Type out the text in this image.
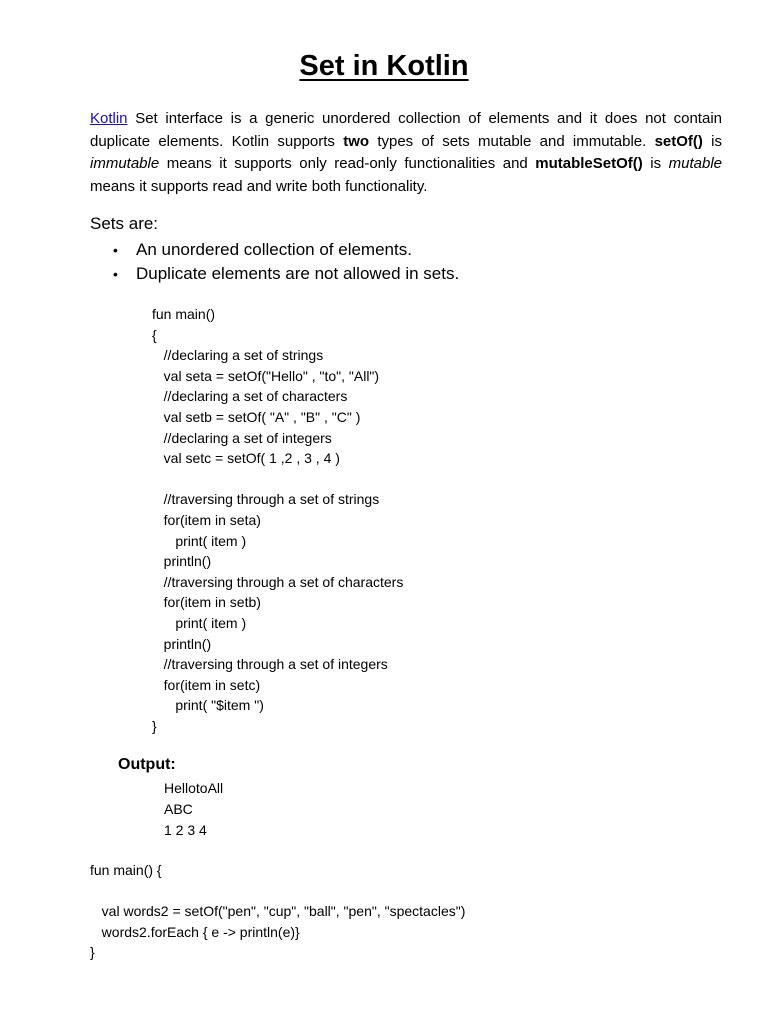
Set in Kotlin
Kotlin Set interface is a generic unordered collection of elements and it does not contain duplicate elements. Kotlin supports two types of sets mutable and immutable. setOf() is immutable means it supports only read-only functionalities and mutableSetOf() is mutable means it supports read and write both functionality.
Sets are:
• An unordered collection of elements.
• Duplicate elements are not allowed in sets.
fun main()
{
//declaring a set of strings
val seta = setOf("Hello" , "to", "All")
//declaring a set of characters
val setb = setOf( "A" , "B" , "C" )
//declaring a set of integers
val setc = setOf( 1 ,2 , 3 , 4 )
//traversing through a set of strings
for(item in seta)
print( item )
println()
//traversing through a set of characters
for(item in setb)
print( item )
println()
//traversing through a set of integers
for(item in setc)
print( "$item ")
}
Output:
HellotoAll
ABC
1 2 3 4
fun main() {
val words2 = setOf("pen", "cup", "ball", "pen", "spectacles")
words2.forEach { e -> println(e)}
}
